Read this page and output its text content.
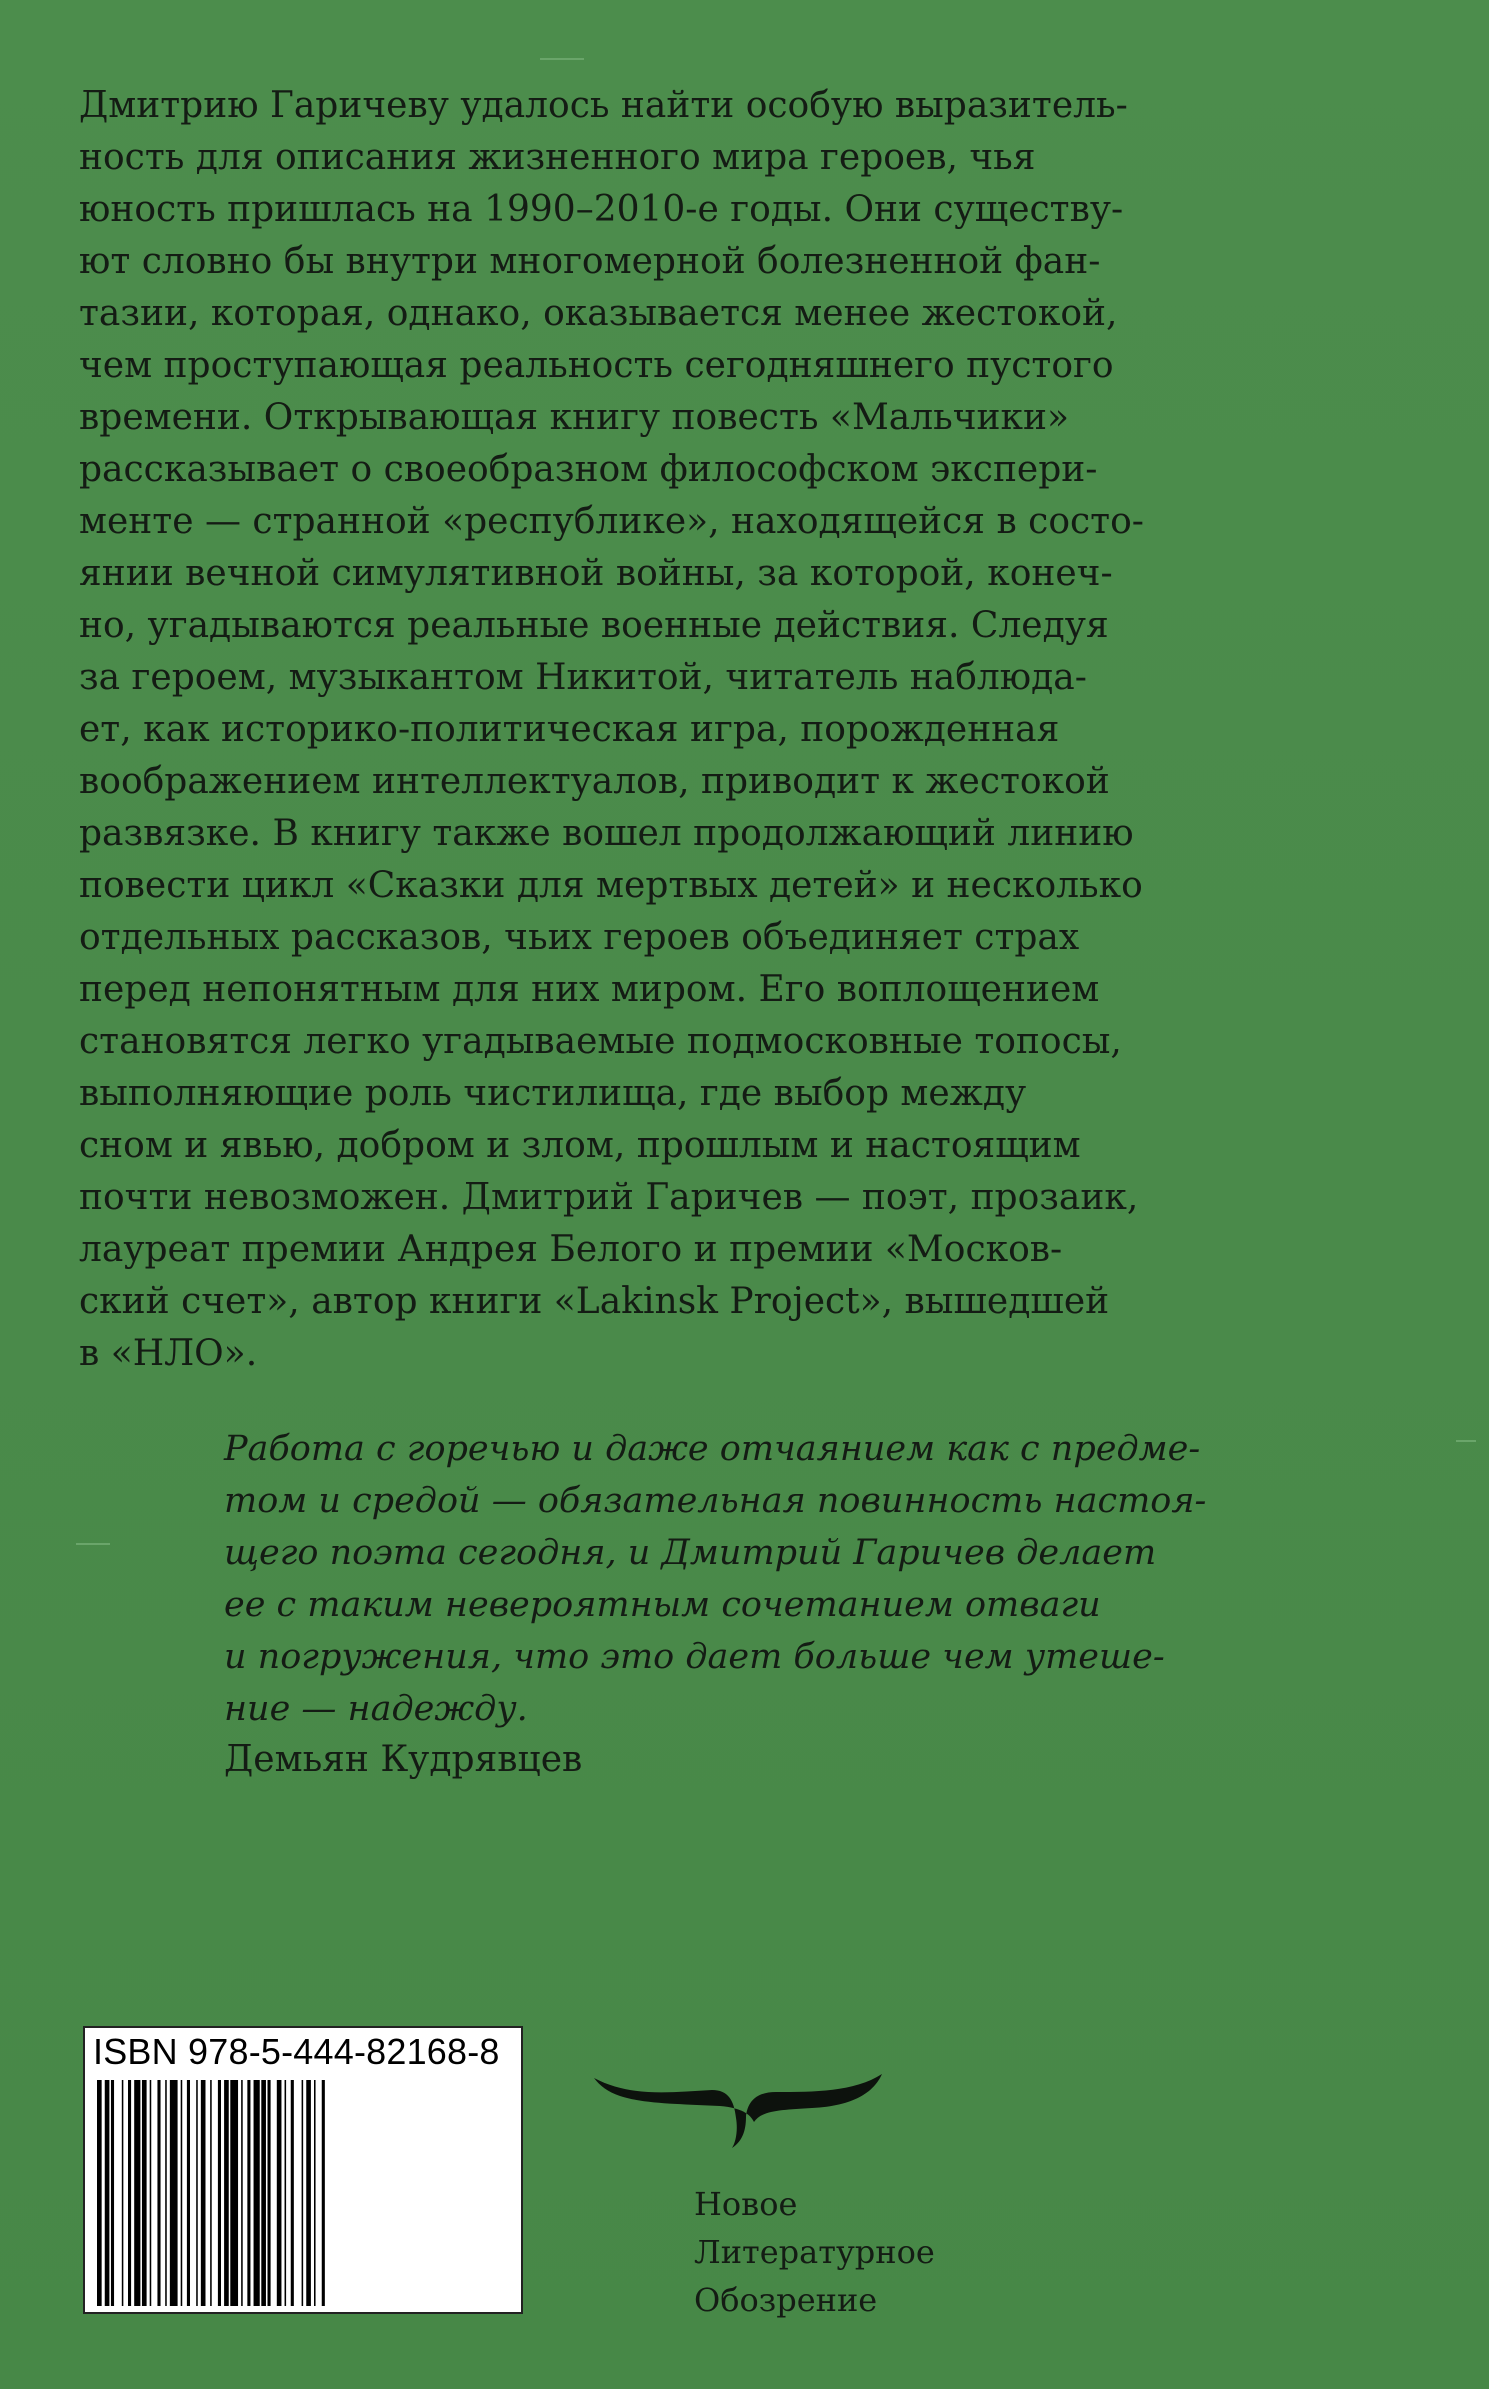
Дмитрию Гаричеву удалось найти особую выразитель-

ность для описания жизненного мира героев, чья

юность пришлась на 1990–2010-е годы. Они существу-

ют словно бы внутри многомерной болезненной фан-

тазии, которая, однако, оказывается менее жестокой,

чем проступающая реальность сегодняшнего пустого

времени. Открывающая книгу повесть «Мальчики»

рассказывает о своеобразном философском экспери-

менте — странной «республике», находящейся в состо-

янии вечной симулятивной войны, за которой, конеч-

но, угадываются реальные военные действия. Следуя

за героем, музыкантом Никитой, читатель наблюда-

ет, как историко-политическая игра, порожденная

воображением интеллектуалов, приводит к жестокой

развязке. В книгу также вошел продолжающий линию

повести цикл «Сказки для мертвых детей» и несколько

отдельных рассказов, чьих героев объединяет страх

перед непонятным для них миром. Его воплощением

становятся легко угадываемые подмосковные топосы,

выполняющие роль чистилища, где выбор между

сном и явью, добром и злом, прошлым и настоящим

почти невозможен. Дмитрий Гаричев — поэт, прозаик,

лауреат премии Андрея Белого и премии «Москов-

ский счет», автор книги «Lakinsk Project», вышедшей

в «НЛО».

Работа с горечью и даже отчаянием как с предме-

том и средой — обязательная повинность настоя-

щего поэта сегодня, и Дмитрий Гаричев делает

ее с таким невероятным сочетанием отваги

и погружения, что это дает больше чем утеше-

ние — надежду.

Демьян Кудрявцев

ISBN 978-5-444-82168-8
Новое
Литературное
Обозрение
